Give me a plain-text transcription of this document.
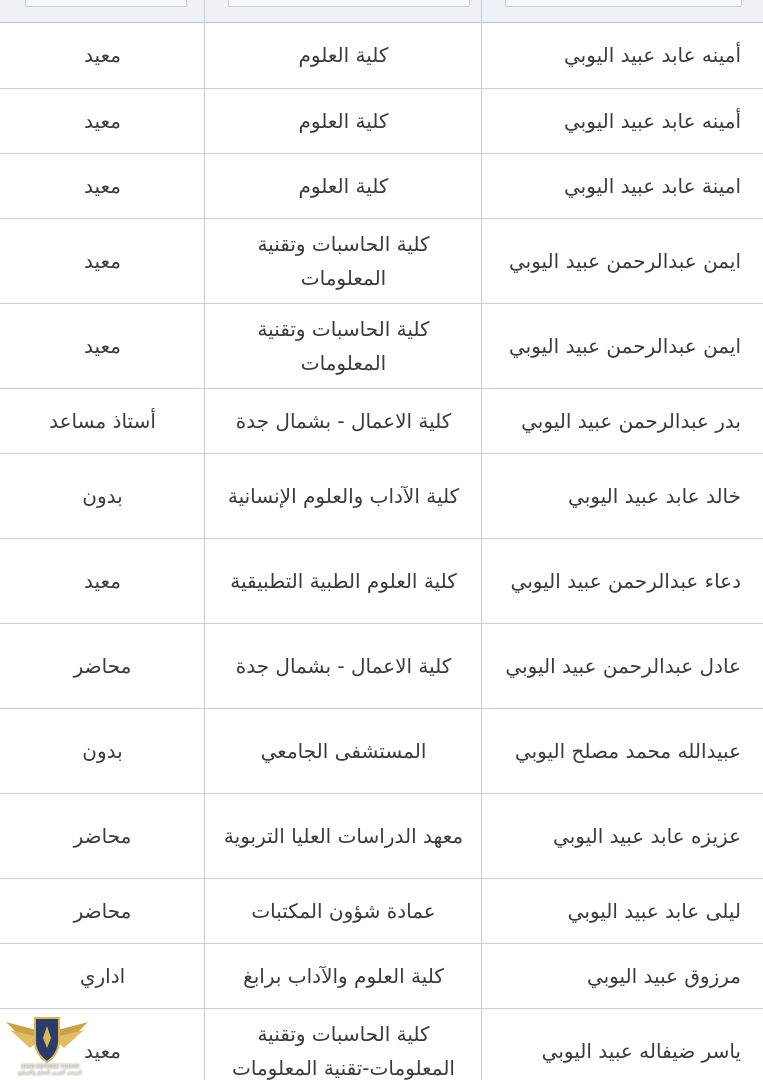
أمينه عابد عبيد اليوبي
كلية العلوم
معيد
أمينه عابد عبيد اليوبي
كلية العلوم
معيد
امينة عابد عبيد اليوبي
كلية العلوم
معيد
ايمن عبدالرحمن عبيد اليوبي
كلية الحاسبات وتقنية المعلومات
معيد
ايمن عبدالرحمن عبيد اليوبي
كلية الحاسبات وتقنية المعلومات
معيد
بدر عبدالرحمن عبيد اليوبي
كلية الاعمال - بشمال جدة
أستاذ مساعد
خالد عابد عبيد اليوبي
كلية الآداب والعلوم الإنسانية
بدون
دعاء عبدالرحمن عبيد اليوبي
كلية العلوم الطبية التطبيقية
معيد
عادل عبدالرحمن عبيد اليوبي
كلية الاعمال - بشمال جدة
محاضر
عبيدالله محمد مصلح اليوبي
المستشفى الجامعي
بدون
عزيزه عابد عبيد اليوبي
معهد الدراسات العليا التربوية
محاضر
ليلى عابد عبيد اليوبي
عمادة شؤون المكتبات
محاضر
مرزوق عبيد اليوبي
كلية العلوم والآداب برابغ
اداري
ياسر ضيفاله عبيد اليوبي
كلية الحاسبات وتقنية المعلومات-تقنية المعلومات
معيد
ARAB DEFENSE FORUM
المنتدى العربي للدفاع والتسليح
